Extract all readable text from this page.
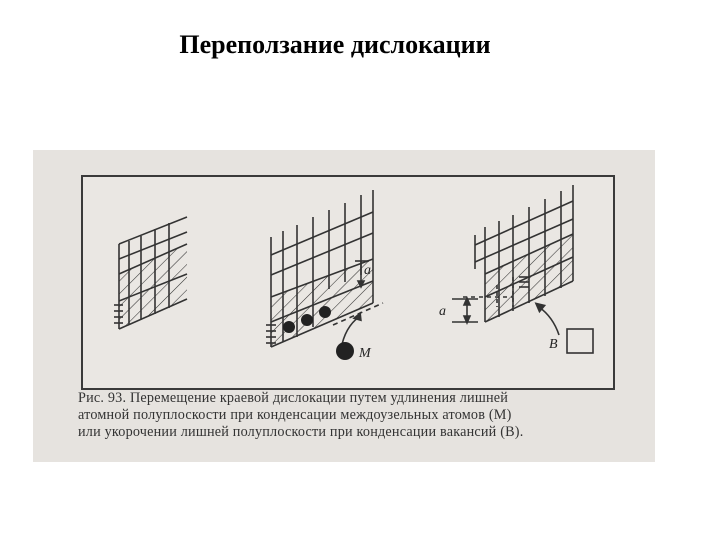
Переползание дислокации
М
a
a
В
Рис. 93. Перемещение краевой дислокации путем удлинения лишней
атомной полуплоскости при конденсации междоузельных атомов (М)
или укорочении лишней полуплоскости при конденсации вакансий (В).
